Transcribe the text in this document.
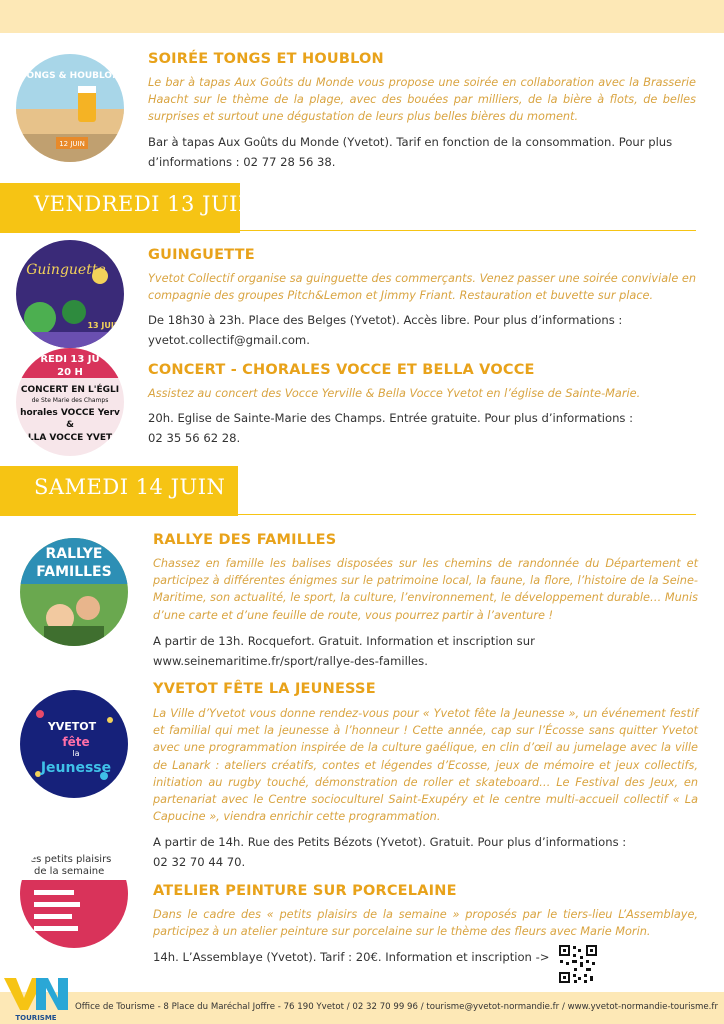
TONGS & HOUBLON
12 JUIN
SOIRÉE TONGS ET HOUBLON
Le bar à tapas Aux Goûts du Monde vous propose une soirée en collaboration avec la Brasserie Haacht sur le thème de la plage, avec des bouées par milliers, de la bière à flots, de belles surprises et surtout une dégustation de leurs plus belles bières du moment.
Bar à tapas Aux Goûts du Monde (Yvetot). Tarif en fonction de la consommation. Pour plus d’informations : 02 77 28 56 38.
VENDREDI 13 JUIN
Guinguette
13 JUIN
GUINGUETTE
Yvetot Collectif organise sa guinguette des commerçants. Venez passer une soirée conviviale en compagnie des groupes Pitch&Lemon et Jimmy Friant. Restauration et buvette sur place.
De 18h30 à 23h. Place des Belges (Yvetot). Accès libre. Pour plus d’informations :
yvetot.collectif@gmail.com.
REDI 13 JU
20 H
CONCERT EN L'ÉGLI
de Ste Marie des Champs
horales VOCCE Yerv
&
LLA VOCCE YVET
CONCERT - CHORALES VOCCE ET BELLA VOCCE
Assistez au concert des Vocce Yerville & Bella Vocce Yvetot en l’église de Sainte-Marie.
20h. Eglise de Sainte-Marie des Champs. Entrée gratuite. Pour plus d’informations :
02 35 56 62 28.
SAMEDI 14 JUIN
RALLYE
FAMILLES
RALLYE DES FAMILLES
Chassez en famille les balises disposées sur les chemins de randonnée du Département et participez à différentes énigmes sur le patrimoine local, la faune, la flore, l’histoire de la Seine-Maritime, son actualité, le sport, la culture, l’environnement, le développement durable… Munis d’une carte et d’une feuille de route, vous pourrez partir à l’aventure !
A partir de 13h. Rocquefort. Gratuit. Information et inscription sur
www.seinemaritime.fr/sport/rallye-des-familles.
YVETOT
fête
la
Jeunesse
YVETOT FÊTE LA JEUNESSE
La Ville d’Yvetot vous donne rendez-vous pour « Yvetot fête la Jeunesse », un événement festif et familial qui met la jeunesse à l’honneur ! Cette année, cap sur l’Écosse sans quitter Yvetot avec une programmation inspirée de la culture gaélique, en clin d’œil au jumelage avec la ville de Lanark : ateliers créatifs, contes et légendes d’Ecosse, jeux de mémoire et jeux collectifs, initiation au rugby touché, démonstration de roller et skateboard… Le Festival des Jeux, en partenariat avec le Centre socioculturel Saint-Exupéry et le centre multi-accueil collectif « La Capucine », viendra enrichir cette programmation.
A partir de 14h. Rue des Petits Bézots (Yvetot). Gratuit. Pour plus d’informations :
02 32 70 44 70.
es petits plaisirs
de la semaine
ATELIER PEINTURE SUR PORCELAINE
Dans le cadre des « petits plaisirs de la semaine » proposés par le tiers-lieu L’Assemblaye, participez à un atelier peinture sur porcelaine sur le thème des fleurs avec Marie Morin.
14h. L’Assemblaye (Yvetot). Tarif : 20€. Information et inscription ->
TOURISME
Office de Tourisme - 8 Place du Maréchal Joffre - 76 190 Yvetot / 02 32 70 99 96 / tourisme@yvetot-normandie.fr / www.yvetot-normandie-tourisme.fr
